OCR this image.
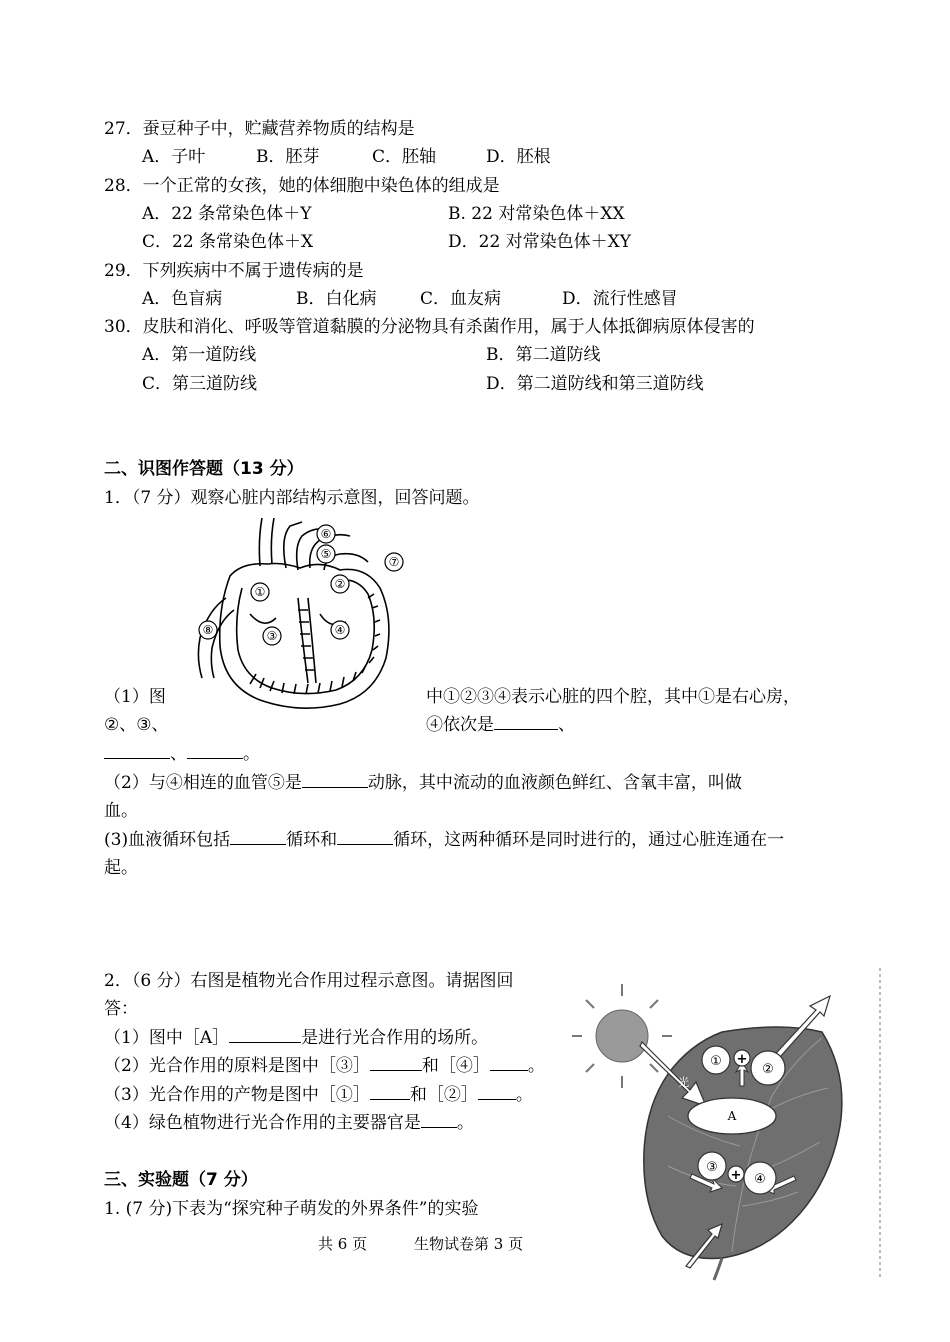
27．蚕豆种子中，贮藏营养物质的结构是
A．子叶	B．胚芽	C．胚轴	D．胚根
28．一个正常的女孩，她的体细胞中染色体的组成是
A．22 条常染色体＋Y	B. 22 对常染色体＋XX
C．22 条常染色体＋X	D．22 对常染色体＋XY
29．下列疾病中不属于遗传病的是
A．色盲病	B．白化病	C．血友病	D．流行性感冒
30．皮肤和消化、呼吸等管道黏膜的分泌物具有杀菌作用，属于人体抵御病原体侵害的
A．第一道防线	B．第二道防线
C．第三道防线	D．第二道防线和第三道防线
二、识图作答题（13 分）
1．（7 分）观察心脏内部结构示意图，回答问题。
①
②
③	④
⑤
⑥
⑦
⑧
（1）图	中①②③④表示心脏的四个腔，其中①是右心房，
②、③、	④依次是	、
、	。
（2）与④相连的血管⑤是	动脉，其中流动的血液颜色鲜红、含氧丰富，叫做
血。
(3)血液循环包括	循环和	循环，这两种循环是同时进行的，通过心脏连通在一
起。
2．（6 分）右图是植物光合作用过程示意图。请据图回
答：
（1）图中［A］	是进行光合作用的场所。
（2）光合作用的原料是图中［③］	和［④］ 。
（3）光合作用的产物是图中［①］ 和［②］ 。
（4）绿色植物进行光合作用的主要器官是 。
三、实验题（7 分）
1. (7 分)下表为“探究种子萌发的外界条件”的实验
共 6 页	生物试卷第 3 页
光
A
① +
②
③
+ ④
